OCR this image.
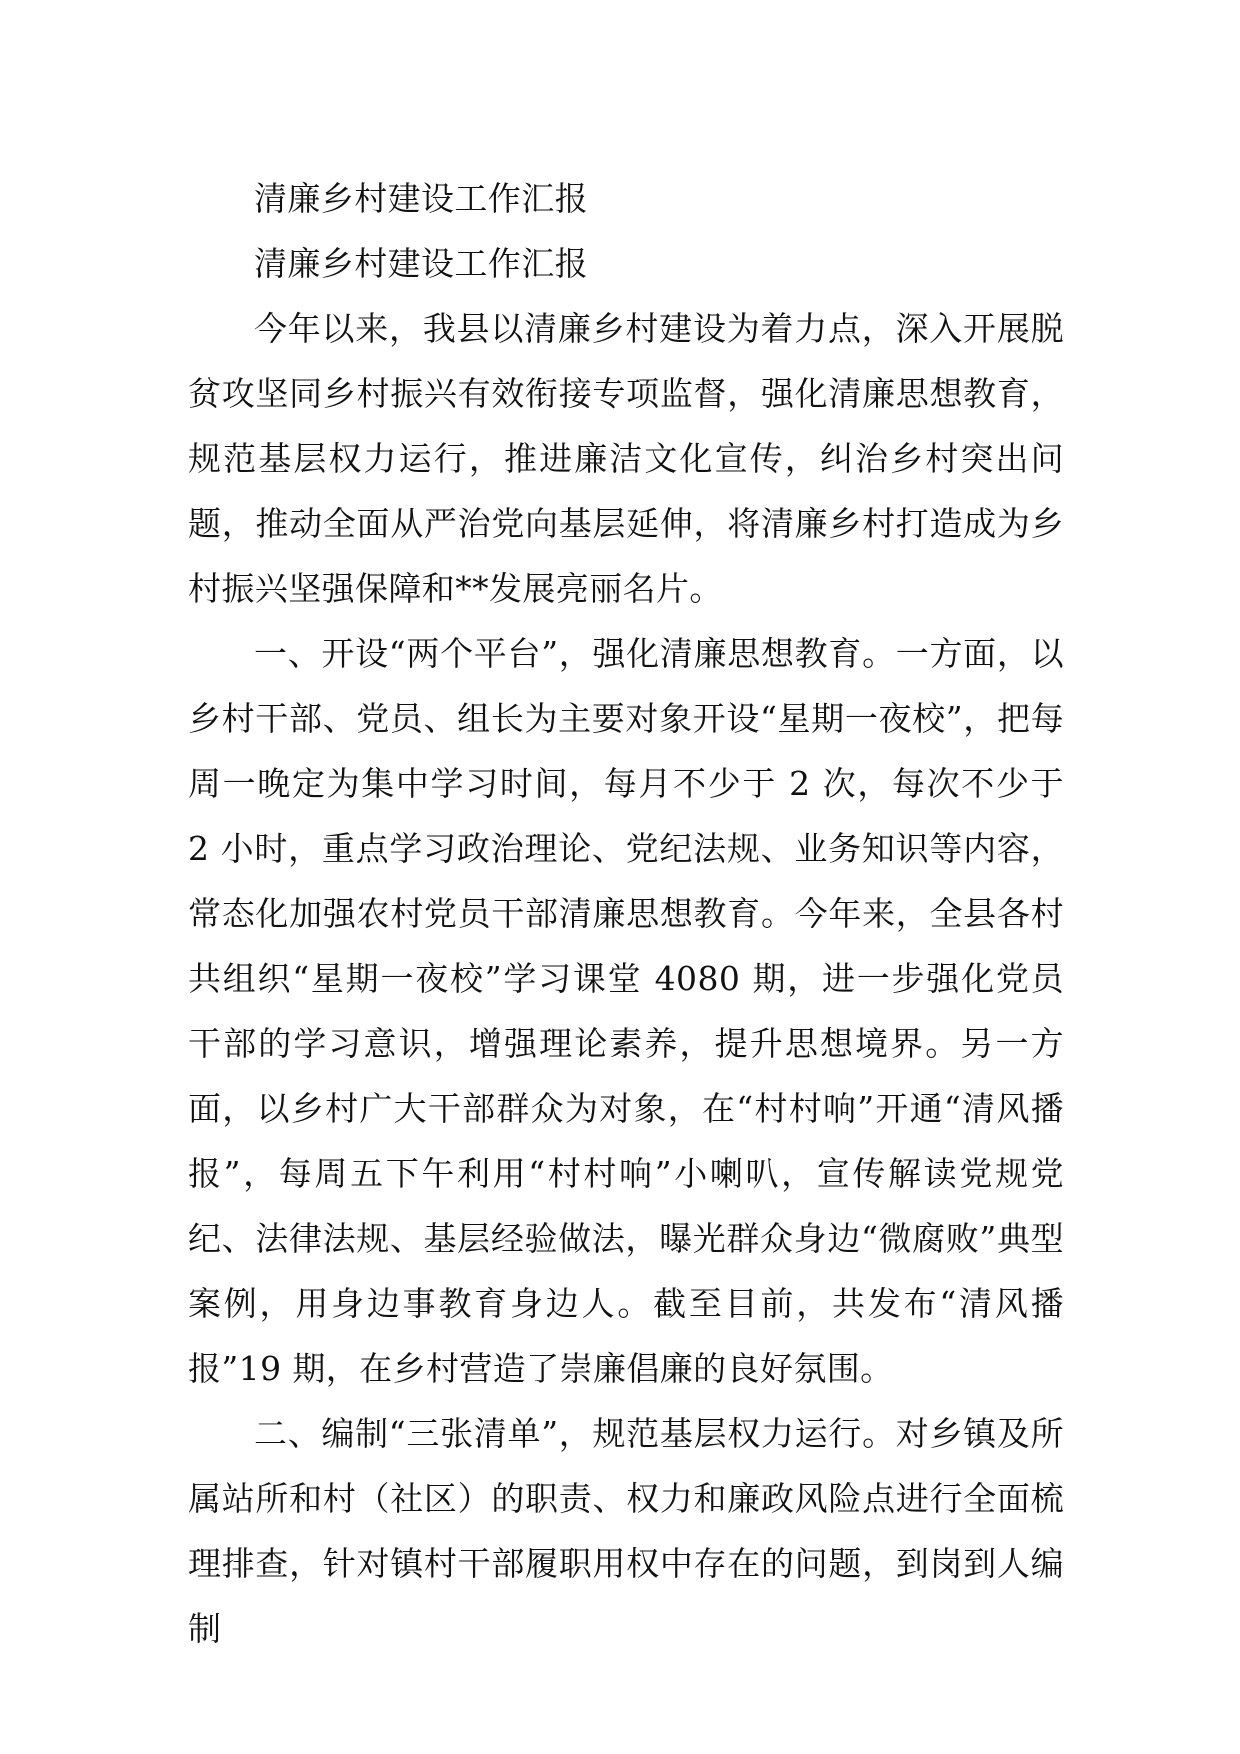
清廉乡村建设工作汇报

清廉乡村建设工作汇报

今年以来，我县以清廉乡村建设为着力点，深入开展脱贫攻坚同乡村振兴有效衔接专项监督，强化清廉思想教育，规范基层权力运行，推进廉洁文化宣传，纠治乡村突出问题，推动全面从严治党向基层延伸，将清廉乡村打造成为乡村振兴坚强保障和**发展亮丽名片。

一、开设“两个平台”，强化清廉思想教育。一方面，以乡村干部、党员、组长为主要对象开设“星期一夜校”，把每周一晚定为集中学习时间，每月不少于 2 次，每次不少于 2 小时，重点学习政治理论、党纪法规、业务知识等内容，常态化加强农村党员干部清廉思想教育。今年来，全县各村共组织“星期一夜校”学习课堂 4080 期，进一步强化党员干部的学习意识，增强理论素养，提升思想境界。另一方面，以乡村广大干部群众为对象，在“村村响”开通“清风播报”，每周五下午利用“村村响”小喇叭，宣传解读党规党纪、法律法规、基层经验做法，曝光群众身边“微腐败”典型案例，用身边事教育身边人。截至目前，共发布“清风播报”19 期，在乡村营造了崇廉倡廉的良好氛围。

二、编制“三张清单”，规范基层权力运行。对乡镇及所属站所和村（社区）的职责、权力和廉政风险点进行全面梳理排查，针对镇村干部履职用权中存在的问题，到岗到人编制
